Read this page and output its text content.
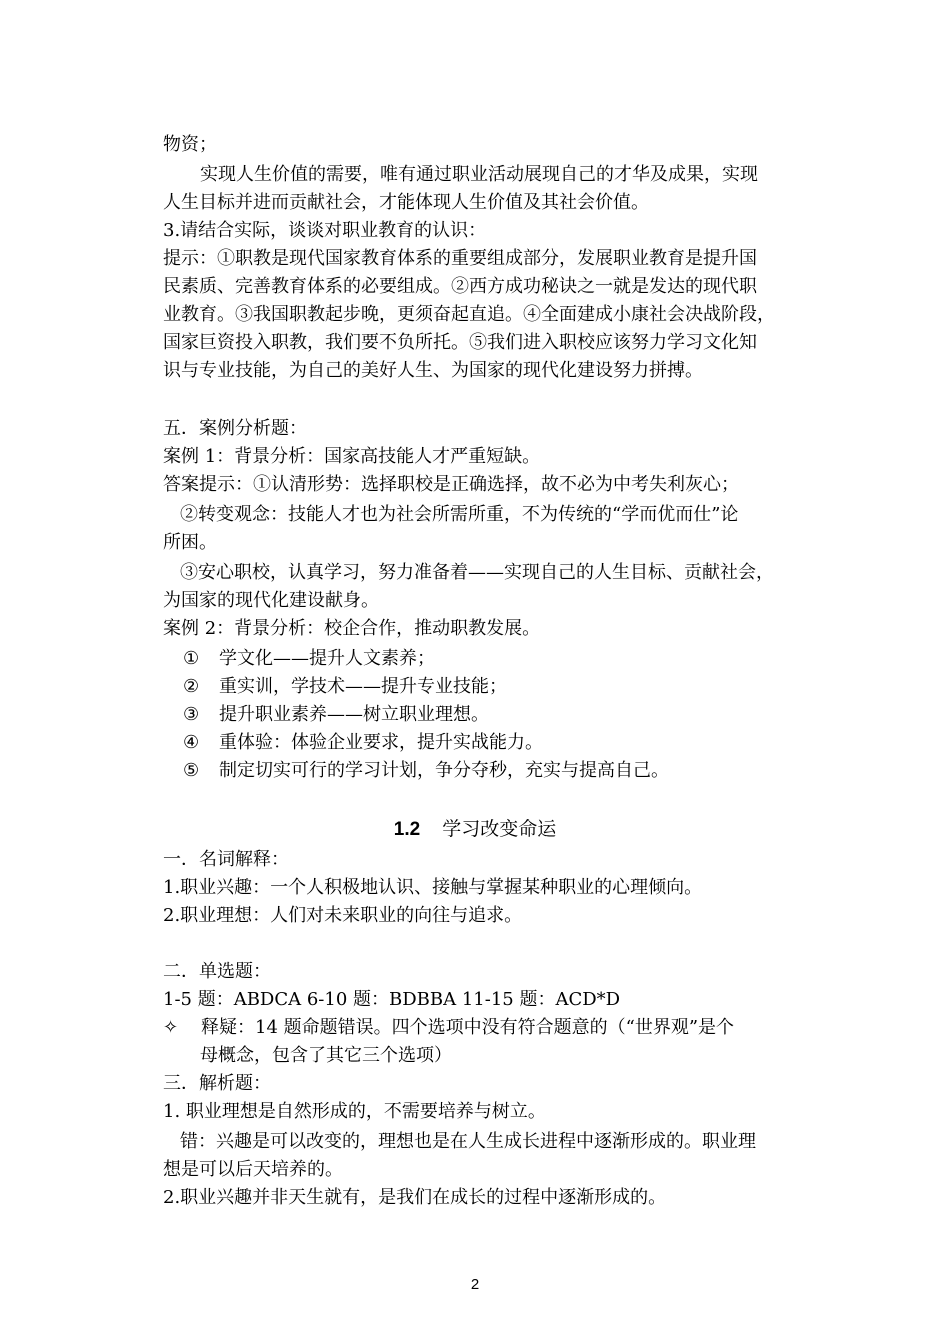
物资；
实现人生价值的需要，唯有通过职业活动展现自己的才华及成果，实现
人生目标并进而贡献社会，才能体现人生价值及其社会价值。
3.请结合实际，谈谈对职业教育的认识：
提示：①职教是现代国家教育体系的重要组成部分，发展职业教育是提升国
民素质、完善教育体系的必要组成。②西方成功秘诀之一就是发达的现代职
业教育。③我国职教起步晚，更须奋起直追。④全面建成小康社会决战阶段，
国家巨资投入职教，我们要不负所托。⑤我们进入职校应该努力学习文化知
识与专业技能，为自己的美好人生、为国家的现代化建设努力拼搏。
五．案例分析题：
案例 1：背景分析：国家高技能人才严重短缺。
答案提示：①认清形势：选择职校是正确选择，故不必为中考失利灰心；
②转变观念：技能人才也为社会所需所重，不为传统的“学而优而仕”论
所困。
③安心职校，认真学习，努力准备着——实现自己的人生目标、贡献社会，
为国家的现代化建设献身。
案例 2：背景分析：校企合作，推动职教发展。
① 学文化——提升人文素养；
② 重实训，学技术——提升专业技能；
③ 提升职业素养——树立职业理想。
④ 重体验：体验企业要求，提升实战能力。
⑤ 制定切实可行的学习计划，争分夺秒，充实与提高自己。
1.2 学习改变命运
一．名词解释：
1.职业兴趣：一个人积极地认识、接触与掌握某种职业的心理倾向。
2.职业理想：人们对未来职业的向往与追求。
二．单选题：
1-5 题：ABDCA 6-10 题：BDBBA 11-15 题：ACD*D
✧ 释疑：14 题命题错误。四个选项中没有符合题意的（“世界观”是个
母概念，包含了其它三个选项）
三．解析题：
1. 职业理想是自然形成的，不需要培养与树立。
错：兴趣是可以改变的，理想也是在人生成长进程中逐渐形成的。职业理
想是可以后天培养的。
2.职业兴趣并非天生就有，是我们在成长的过程中逐渐形成的。
2
